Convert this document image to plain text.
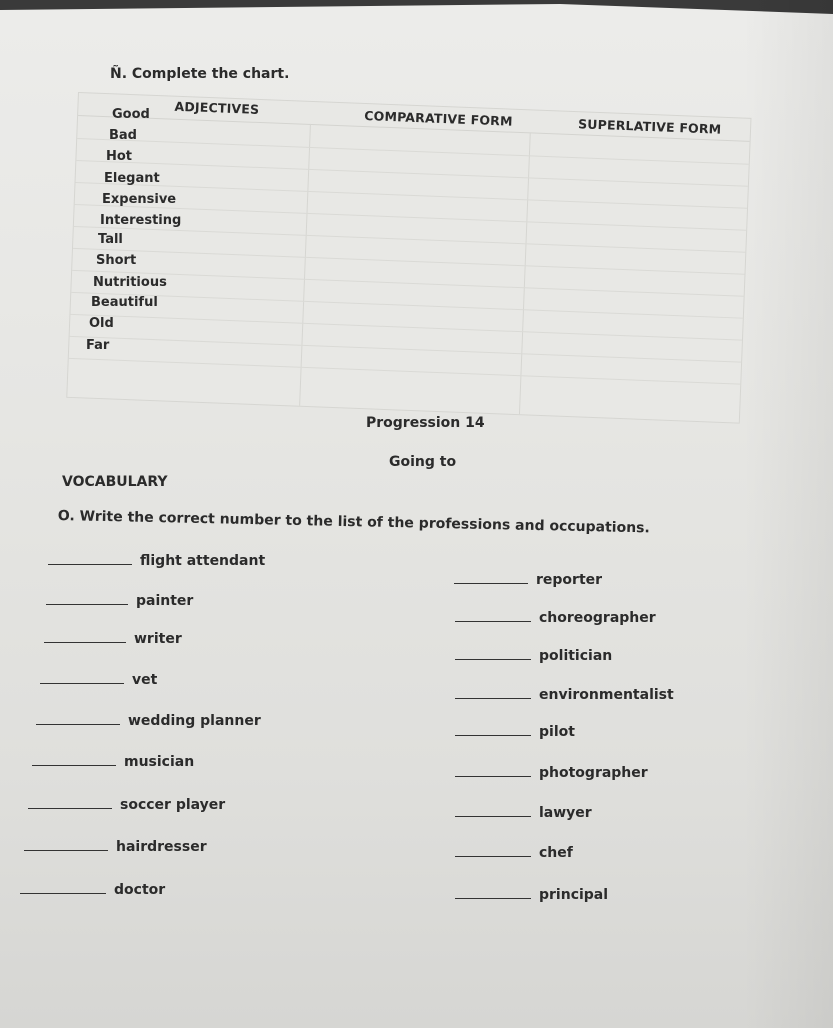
Ñ. Complete the chart.
ADJECTIVES
COMPARATIVE FORM	SUPERLATIVE FORM
Good
Bad
Hot
Elegant
Expensive
Interesting
Tall
Short
Nutritious
Beautiful
Old
Far
Progression 14
Going to
VOCABULARY
O. Write the correct number to the list of the professions and occupations.
flight attendant
painter
writer
vet
wedding planner
musician
soccer player
hairdresser
doctor
reporter
choreographer
politician
environmentalist
pilot
photographer
lawyer
chef
principal
